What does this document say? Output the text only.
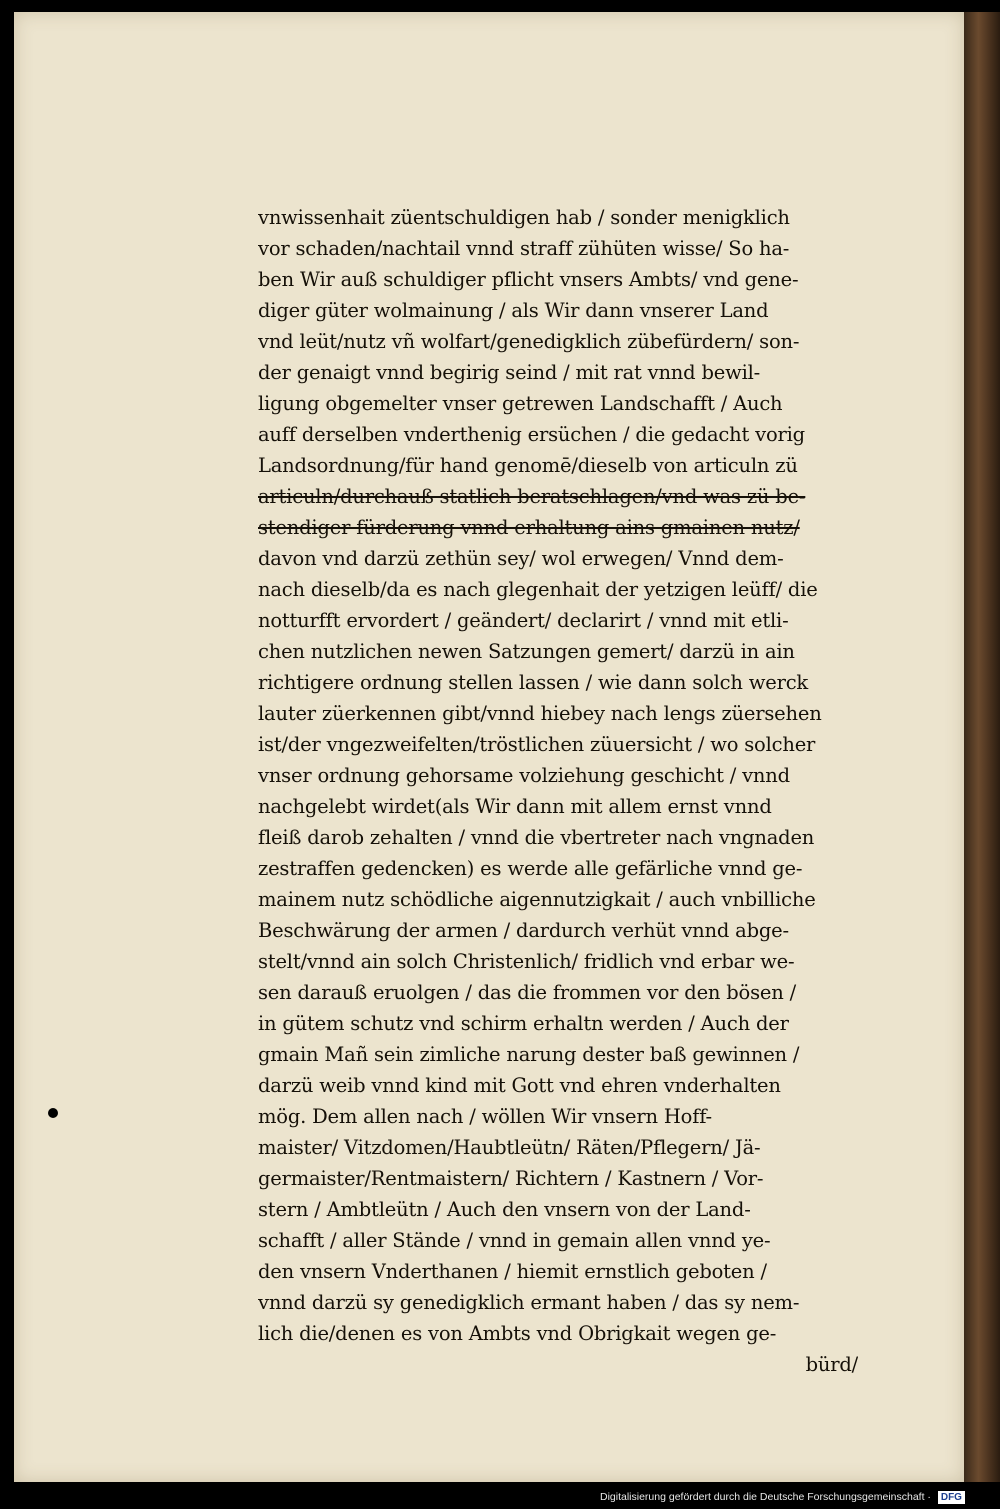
vnwissenhait züentschuldigen hab / sonder menigklich
vor schaden/nachtail vnnd straff zühüten wisse/ So ha-
ben Wir auß schuldiger pflicht vnsers Ambts/ vnd gene-
diger güter wolmainung / als Wir dann vnserer Land
vnd leüt/nutz vñ wolfart/genedigklich zübefürdern/ son-
der genaigt vnnd begirig seind / mit rat vnnd bewil-
ligung obgemelter vnser getrewen Landschafft / Auch
auff derselben vnderthenig ersüchen / die gedacht vorig
Landsordnung/für hand genomē/dieselb von articuln zü
articuln/durchauß statlich beratschlagen/vnd was zü be-
stendiger fürderung vnnd erhaltung ains gmainen nutz/
davon vnd darzü zethün sey/ wol erwegen/ Vnnd dem-
nach dieselb/da es nach glegenhait der yetzigen leüff/ die
notturfft ervordert / geändert/ declarirt / vnnd mit etli-
chen nutzlichen newen Satzungen gemert/ darzü in ain
richtigere ordnung stellen lassen / wie dann solch werck
lauter züerkennen gibt/vnnd hiebey nach lengs züersehen
ist/der vngezweifelten/tröstlichen züuersicht / wo solcher
vnser ordnung gehorsame volziehung geschicht / vnnd
nachgelebt wirdet(als Wir dann mit allem ernst vnnd
fleiß darob zehalten / vnnd die vbertreter nach vngnaden
zestraffen gedencken) es werde alle gefärliche vnnd ge-
mainem nutz schödliche aigennutzigkait / auch vnbilliche
Beschwärung der armen / dardurch verhüt vnnd abge-
stelt/vnnd ain solch Christenlich/ fridlich vnd erbar we-
sen darauß eruolgen / das die frommen vor den bösen /
in gütem schutz vnd schirm erhaltn werden / Auch der
gmain Mañ sein zimliche narung dester baß gewinnen /
darzü weib vnnd kind mit Gott vnd ehren vnderhalten
mög. Dem allen nach / wöllen Wir vnsern Hoff-
maister/ Vitzdomen/Haubtleütn/ Räten/Pflegern/ Jä-
germaister/Rentmaistern/ Richtern / Kastnern / Vor-
stern / Ambtleütn / Auch den vnsern von der Land-
schafft / aller Stände / vnnd in gemain allen vnnd ye-
den vnsern Vnderthanen / hiemit ernstlich geboten /
vnnd darzü sy genedigklich ermant haben / das sy nem-
lich die/denen es von Ambts vnd Obrigkait wegen ge-
bürd/
Digitalisierung gefördert durch die Deutsche Forschungsgemeinschaft · DFG
